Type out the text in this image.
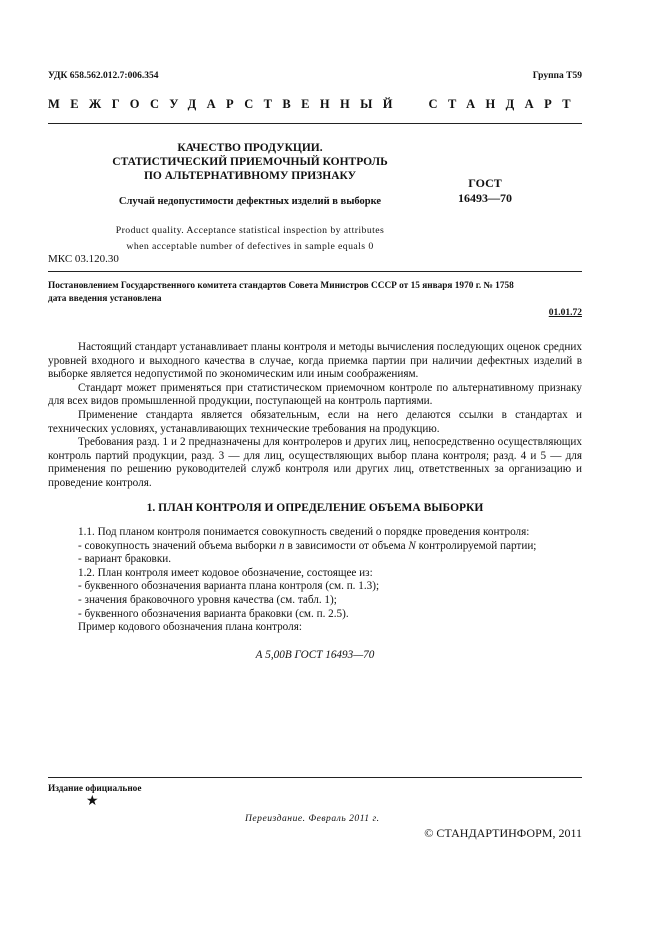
УДК 658.562.012.7:006.354	Группа Т59
МЕЖГОСУДАРСТВЕННЫЙ СТАНДАРТ
КАЧЕСТВО ПРОДУКЦИИ.
СТАТИСТИЧЕСКИЙ ПРИЕМОЧНЫЙ КОНТРОЛЬ
ПО АЛЬТЕРНАТИВНОМУ ПРИЗНАКУ
Случай недопустимости дефектных изделий в выборке
Product quality. Acceptance statistical inspection by attributes
when acceptable number of defectives in sample equals 0
ГОСТ
16493—70
МКС 03.120.30
Постановлением Государственного комитета стандартов Совета Министров СССР от 15 января 1970 г. № 1758
дата введения установлена
01.01.72

Настоящий стандарт устанавливает планы контроля и методы вычисления последующих оценок средних уровней входного и выходного качества в случае, когда приемка партии при наличии дефектных изделий в выборке является недопустимой по экономическим или иным соображениям.

Стандарт может применяться при статистическом приемочном контроле по альтернативному признаку для всех видов промышленной продукции, поступающей на контроль партиями.

Применение стандарта является обязательным, если на него делаются ссылки в стандартах и технических условиях, устанавливающих технические требования на продукцию.

Требования разд. 1 и 2 предназначены для контролеров и других лиц, непосредственно осуществляющих контроль партий продукции, разд. 3 — для лиц, осуществляющих выбор плана контроля; разд. 4 и 5 — для применения по решению руководителей служб контроля или других лиц, ответственных за организацию и проведение контроля.

1. ПЛАН КОНТРОЛЯ И ОПРЕДЕЛЕНИЕ ОБЪЕМА ВЫБОРКИ

1.1. Под планом контроля понимается совокупность сведений о порядке проведения контроля:

- совокупность значений объема выборки n в зависимости от объема N контролируемой партии;

- вариант браковки.

1.2. План контроля имеет кодовое обозначение, состоящее из:

- буквенного обозначения варианта плана контроля (см. п. 1.3);

- значения браковочного уровня качества (см. табл. 1);

- буквенного обозначения варианта браковки (см. п. 2.5).

Пример кодового обозначения плана контроля:

А 5,00В ГОСТ 16493—70
Издание официальное
★
Переиздание. Февраль 2011 г.
© СТАНДАРТИНФОРМ, 2011
